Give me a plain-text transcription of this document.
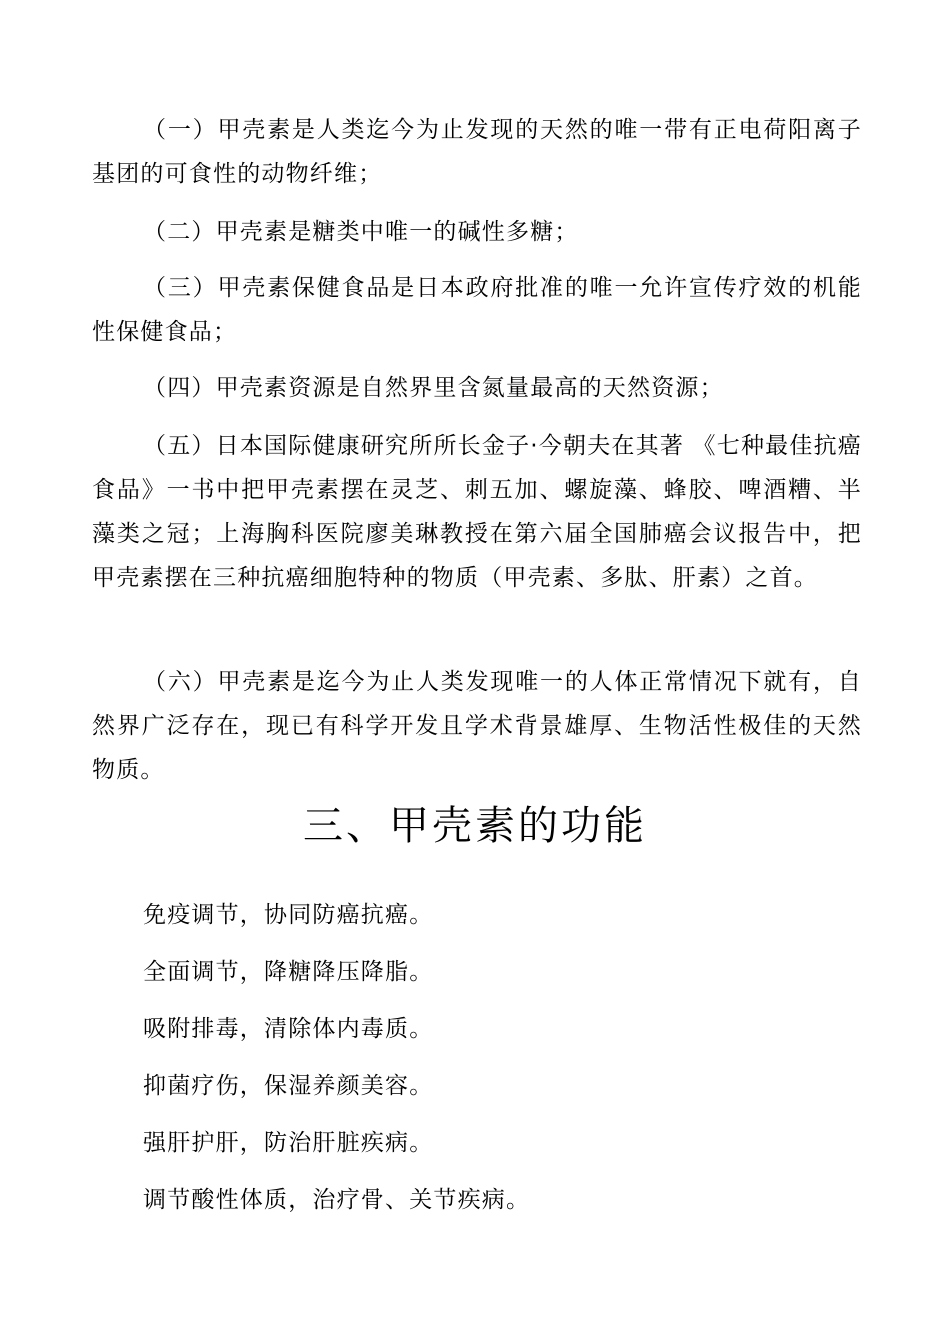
（一）甲壳素是人类迄今为止发现的天然的唯一带有正电荷阳离子基团的可食性的动物纤维；

（二）甲壳素是糖类中唯一的碱性多糖；

（三）甲壳素保健食品是日本政府批准的唯一允许宣传疗效的机能性保健食品；

（四）甲壳素资源是自然界里含氮量最高的天然资源；

（五）日本国际健康研究所所长金子·今朝夫在其著 《七种最佳抗癌食品》一书中把甲壳素摆在灵芝、刺五加、螺旋藻、蜂胶、啤酒糟、半藻类之冠；上海胸科医院廖美琳教授在第六届全国肺癌会议报告中，把甲壳素摆在三种抗癌细胞特种的物质（甲壳素、多肽、肝素）之首。

（六）甲壳素是迄今为止人类发现唯一的人体正常情况下就有，自然界广泛存在，现已有科学开发且学术背景雄厚、生物活性极佳的天然物质。

三、甲壳素的功能

免疫调节，协同防癌抗癌。

全面调节，降糖降压降脂。

吸附排毒，清除体内毒质。

抑菌疗伤，保湿养颜美容。

强肝护肝，防治肝脏疾病。

调节酸性体质，治疗骨、关节疾病。
